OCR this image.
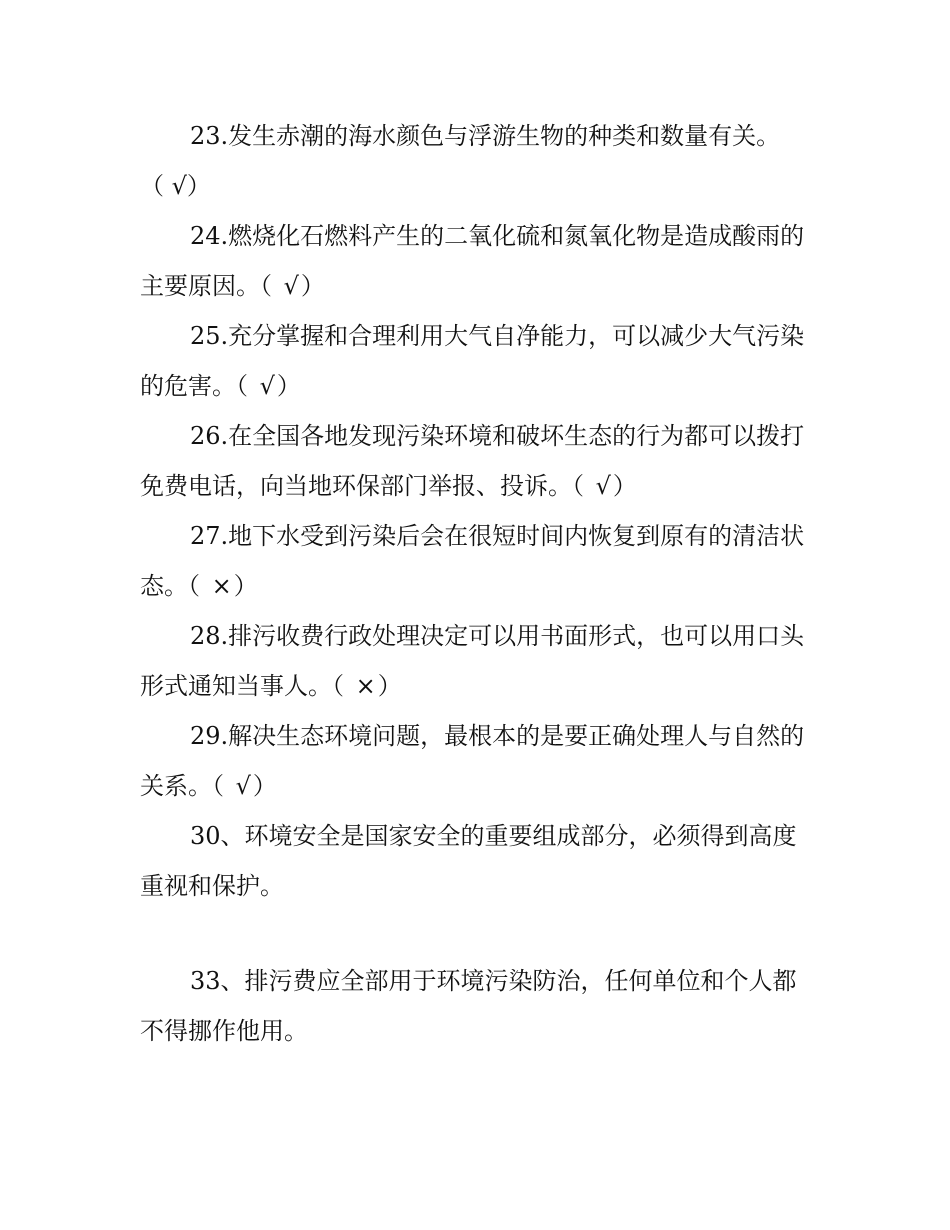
23.发生赤潮的海水颜色与浮游生物的种类和数量有关。

（ √）

24.燃烧化石燃料产生的二氧化硫和氮氧化物是造成酸雨的主要原因。（ √）

25.充分掌握和合理利用大气自净能力，可以减少大气污染的危害。（ √）

26.在全国各地发现污染环境和破坏生态的行为都可以拨打免费电话，向当地环保部门举报、投诉。（ √）

27.地下水受到污染后会在很短时间内恢复到原有的清洁状态。（ ×）

28.排污收费行政处理决定可以用书面形式，也可以用口头形式通知当事人。（ ×）

29.解决生态环境问题，最根本的是要正确处理人与自然的关系。（ √）

30、环境安全是国家安全的重要组成部分，必须得到高度重视和保护。

33、排污费应全部用于环境污染防治，任何单位和个人都不得挪作他用。
